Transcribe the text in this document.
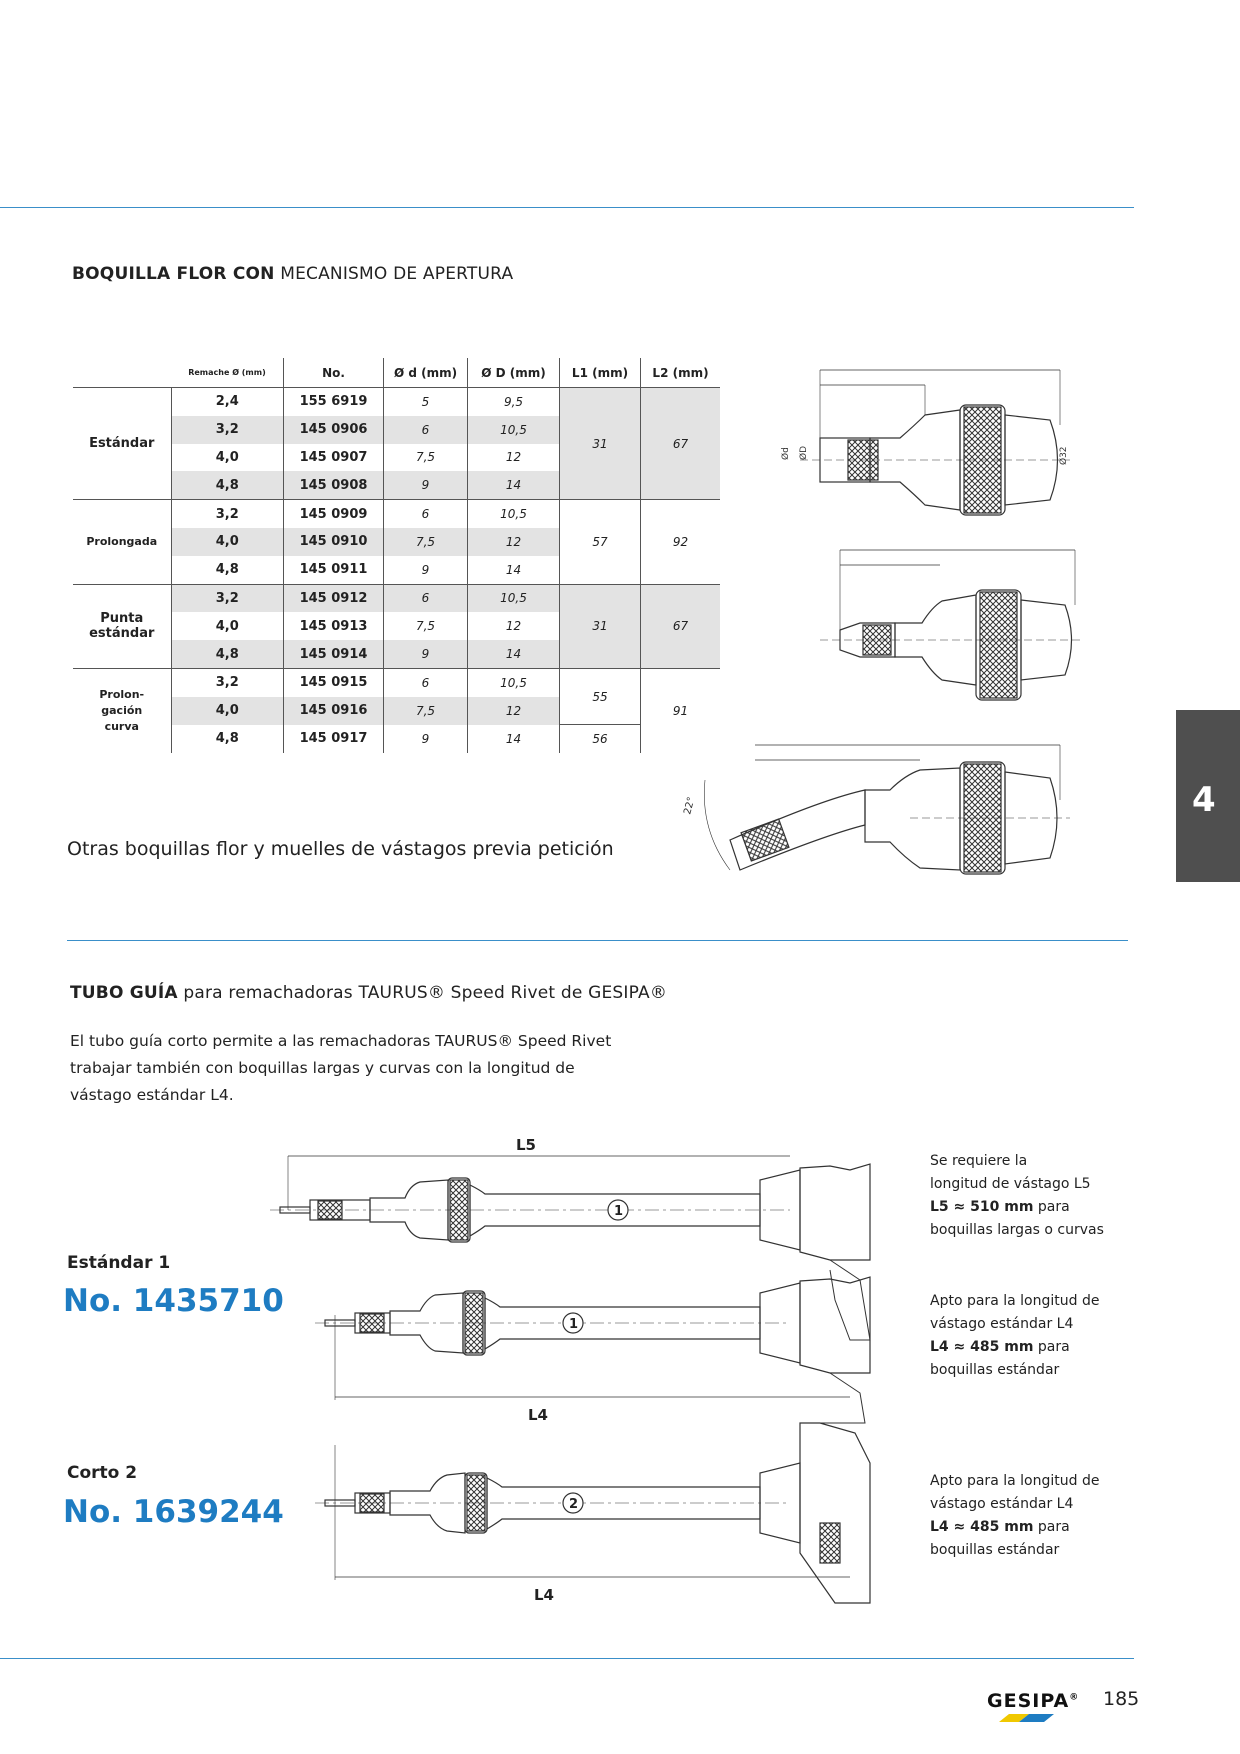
BOQUILLA FLOR CON MECANISMO DE APERTURA
	Remache Ø (mm)	No.	Ø d (mm)	Ø D (mm)	L1 (mm)	L2 (mm)
Estándar	2,4	155 6919	5	9,5	31	67
	3,2	145 0906	6	10,5		
	4,0	145 0907	7,5	12		
	4,8	145 0908	9	14		
Prolongada	3,2	145 0909	6	10,5	57	92
	4,0	145 0910	7,5	12		
	4,8	145 0911	9	14		
Punta estándar	3,2	145 0912	6	10,5	31	67
	4,0	145 0913	7,5	12		
	4,8	145 0914	9	14		
Prolon-gación curva	3,2	145 0915	6	10,5	55	91
	4,0	145 0916	7,5	12		
	4,8	145 0917	9	14	56	
Ød ØD	Ø32
22°
Otras boquillas flor y muelles de vástagos previa petición
4
TUBO GUÍA para remachadoras TAURUS® Speed Rivet de GESIPA®
El tubo guía corto permite a las remachadoras TAURUS® Speed Rivet
trabajar también con boquillas largas y curvas con la longitud de
vástago estándar L4.
Estándar 1
No. 1435710
Corto 2
No. 1639244
L5
1
1
L4
2
L4
Se requiere la
longitud de vástago L5
L5 ≈ 510 mm para
boquillas largas o curvas
Apto para la longitud de
vástago estándar L4
L4 ≈ 485 mm para
boquillas estándar
Apto para la longitud de
vástago estándar L4
L4 ≈ 485 mm para
boquillas estándar
GESIPA® 185
